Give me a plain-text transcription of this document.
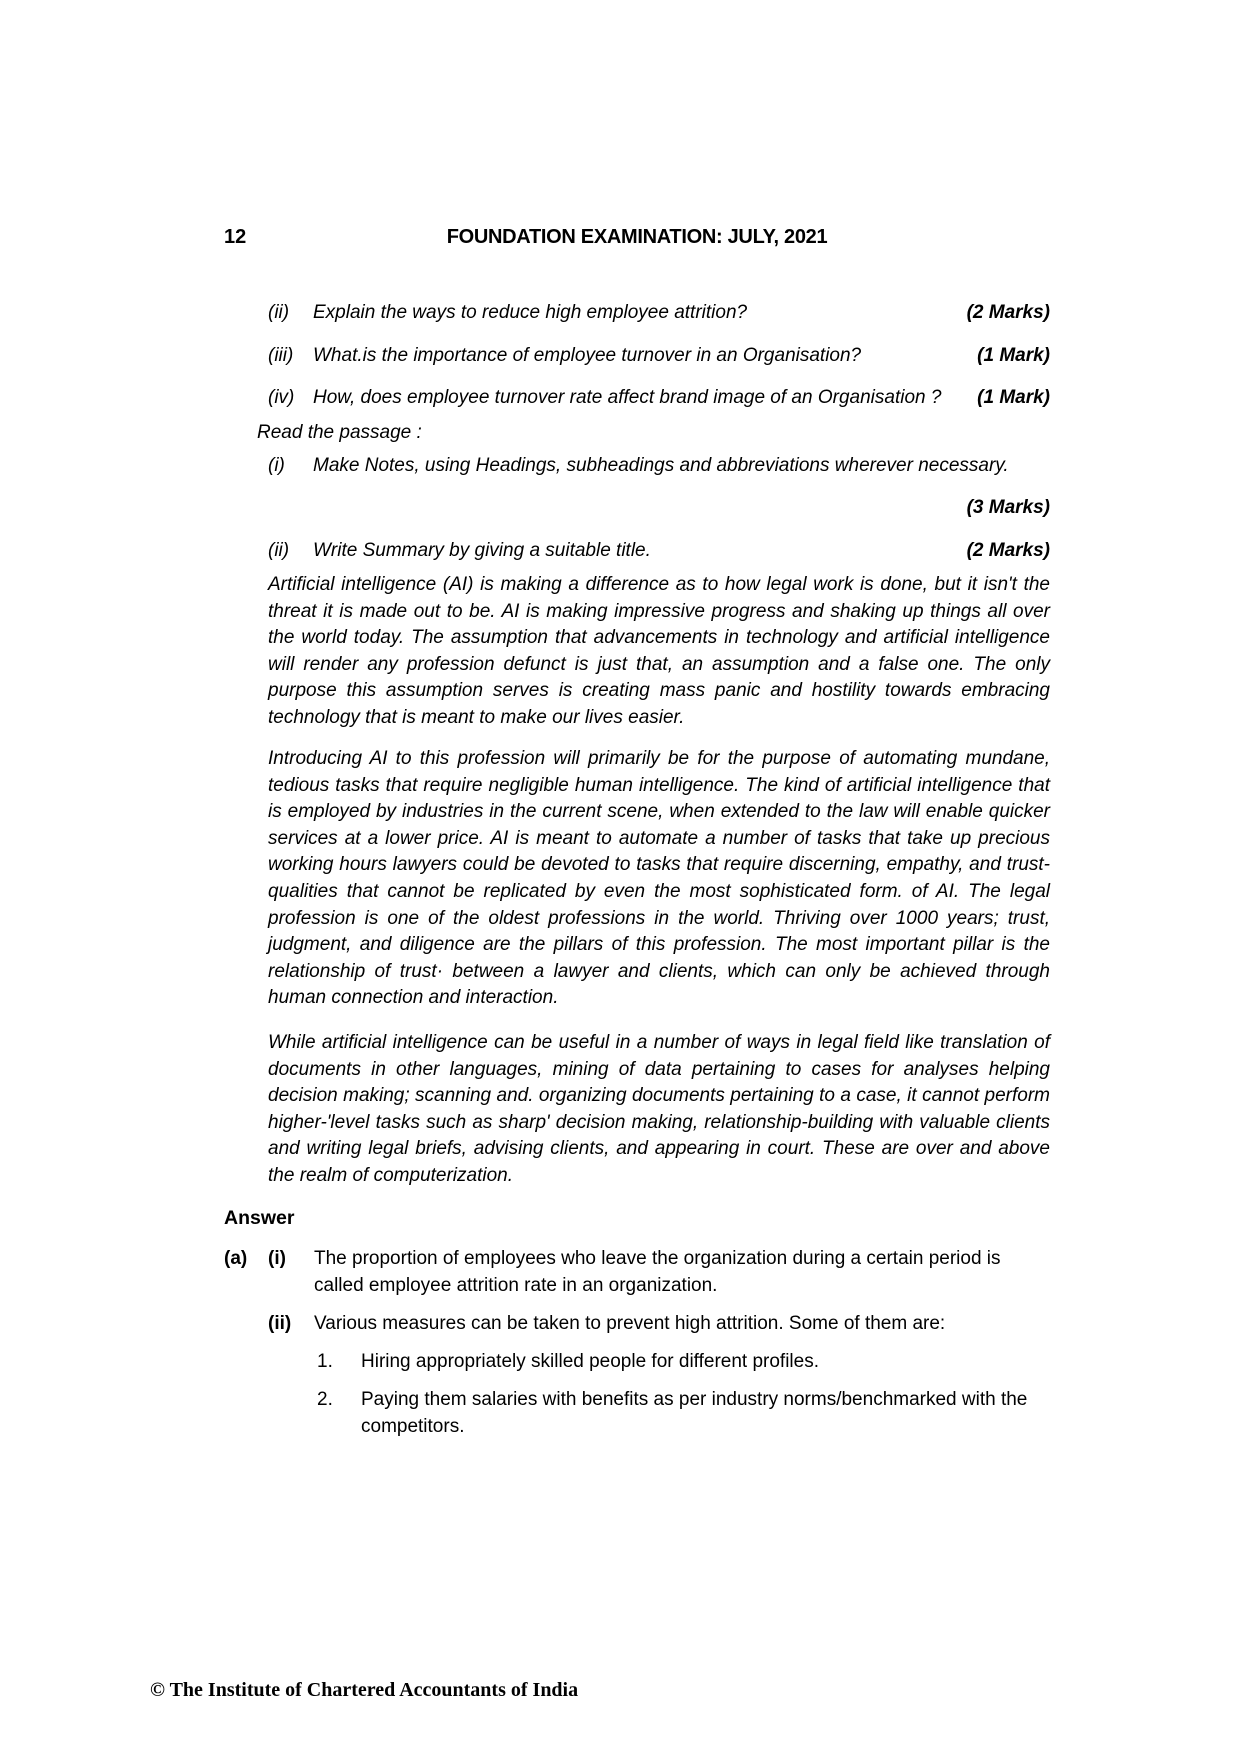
12	FOUNDATION EXAMINATION: JULY, 2021
(ii)	Explain the ways to reduce high employee attrition?	(2 Marks)
(iii)	What.is the importance of employee turnover in an Organisation?	(1 Mark)
(iv) How, does employee turnover rate affect brand image of an Organisation ?	(1 Mark)
Read the passage :
(i)	Make Notes, using Headings, subheadings and abbreviations wherever necessary.
(3 Marks)
(ii)	Write Summary by giving a suitable title.	(2 Marks)
Artificial intelligence (AI) is making a difference as to how legal work is done, but it isn't the threat it is made out to be. AI is making impressive progress and shaking up things all over the world today. The assumption that advancements in technology and artificial intelligence will render any profession defunct is just that, an assumption and a false one. The only purpose this assumption serves is creating mass panic and hostility towards embracing technology that is meant to make our lives easier.
Introducing AI to this profession will primarily be for the purpose of automating mundane, tedious tasks that require negligible human intelligence. The kind of artificial intelligence that is employed by industries in the current scene, when extended to the law will enable quicker services at a lower price. AI is meant to automate a number of tasks that take up precious working hours lawyers could be devoted to tasks that require discerning, empathy, and trust-qualities that cannot be replicated by even the most sophisticated form. of AI. The legal profession is one of the oldest professions in the world. Thriving over 1000 years; trust, judgment, and diligence are the pillars of this profession. The most important pillar is the relationship of trust· between a lawyer and clients, which can only be achieved through human connection and interaction.
While artificial intelligence can be useful in a number of ways in legal field like translation of documents in other languages, mining of data pertaining to cases for analyses helping decision making; scanning and. organizing documents pertaining to a case, it cannot perform higher-'level tasks such as sharp' decision making, relationship-building with valuable clients and writing legal briefs, advising clients, and appearing in court. These are over and above the realm of computerization.
Answer
(a)	(i)	The proportion of employees who leave the organization during a certain period is called employee attrition rate in an organization.
(ii)	Various measures can be taken to prevent high attrition. Some of them are:
1.	Hiring appropriately skilled people for different profiles.
2.	Paying them salaries with benefits as per industry norms/benchmarked with the competitors.
© The Institute of Chartered Accountants of India
